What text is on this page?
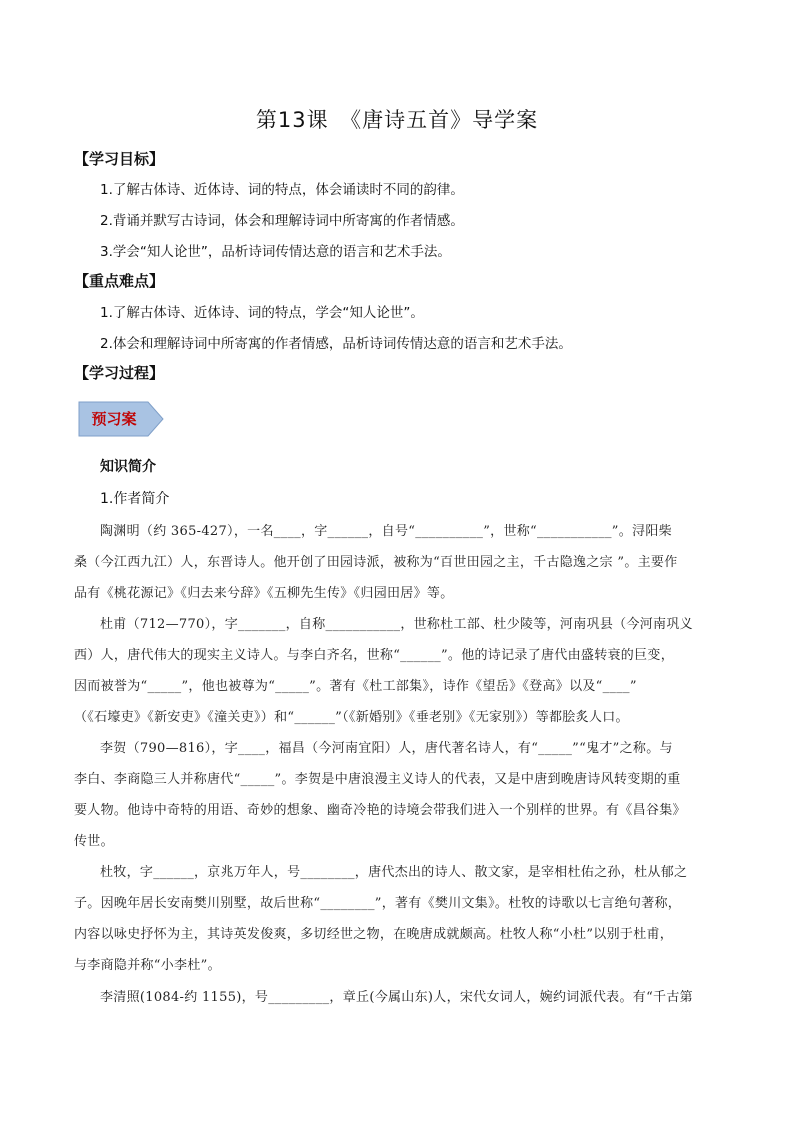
第13课　《唐诗五首》导学案
【学习目标】
1.了解古体诗、近体诗、词的特点，体会诵读时不同的韵律。
2.背诵并默写古诗词，体会和理解诗词中所寄寓的作者情感。
3.学会“知人论世”，品析诗词传情达意的语言和艺术手法。
【重点难点】
1.了解古体诗、近体诗、词的特点，学会“知人论世”。
2.体会和理解诗词中所寄寓的作者情感，品析诗词传情达意的语言和艺术手法。
【学习过程】
预习案
知识简介
1.作者简介
陶渊明（约 365-427），一名____，字______，自号“__________”，世称“___________”。浔阳柴
桑（今江西九江）人，东晋诗人。他开创了田园诗派，被称为“百世田园之主，千古隐逸之宗 ”。主要作
品有《桃花源记》《归去来兮辞》《五柳先生传》《归园田居》等。
杜甫（712—770），字_______，自称___________，世称杜工部、杜少陵等，河南巩县（今河南巩义
西）人，唐代伟大的现实主义诗人。与李白齐名，世称“______”。他的诗记录了唐代由盛转衰的巨变，
因而被誉为“_____”，他也被尊为“_____”。著有《杜工部集》，诗作《望岳》《登高》以及“____”
（《石壕吏》《新安吏》《潼关吏》）和“______”（《新婚别》《垂老别》《无家别》）等都脍炙人口。
李贺（790—816），字____，福昌（今河南宜阳）人，唐代著名诗人，有“_____”“鬼才”之称。与
李白、李商隐三人并称唐代“_____”。李贺是中唐浪漫主义诗人的代表，又是中唐到晚唐诗风转变期的重
要人物。他诗中奇特的用语、奇妙的想象、幽奇冷艳的诗境会带我们进入一个别样的世界。有《昌谷集》
传世。
杜牧，字______，京兆万年人，号________，唐代杰出的诗人、散文家，是宰相杜佑之孙，杜从郁之
子。因晚年居长安南樊川别墅，故后世称“________”，著有《樊川文集》。杜牧的诗歌以七言绝句著称，
内容以咏史抒怀为主，其诗英发俊爽，多切经世之物，在晚唐成就颇高。杜牧人称“小杜”以别于杜甫，
与李商隐并称“小李杜”。
李清照(1084-约 1155)，号_________，章丘(今属山东)人，宋代女词人，婉约词派代表。有“千古第
